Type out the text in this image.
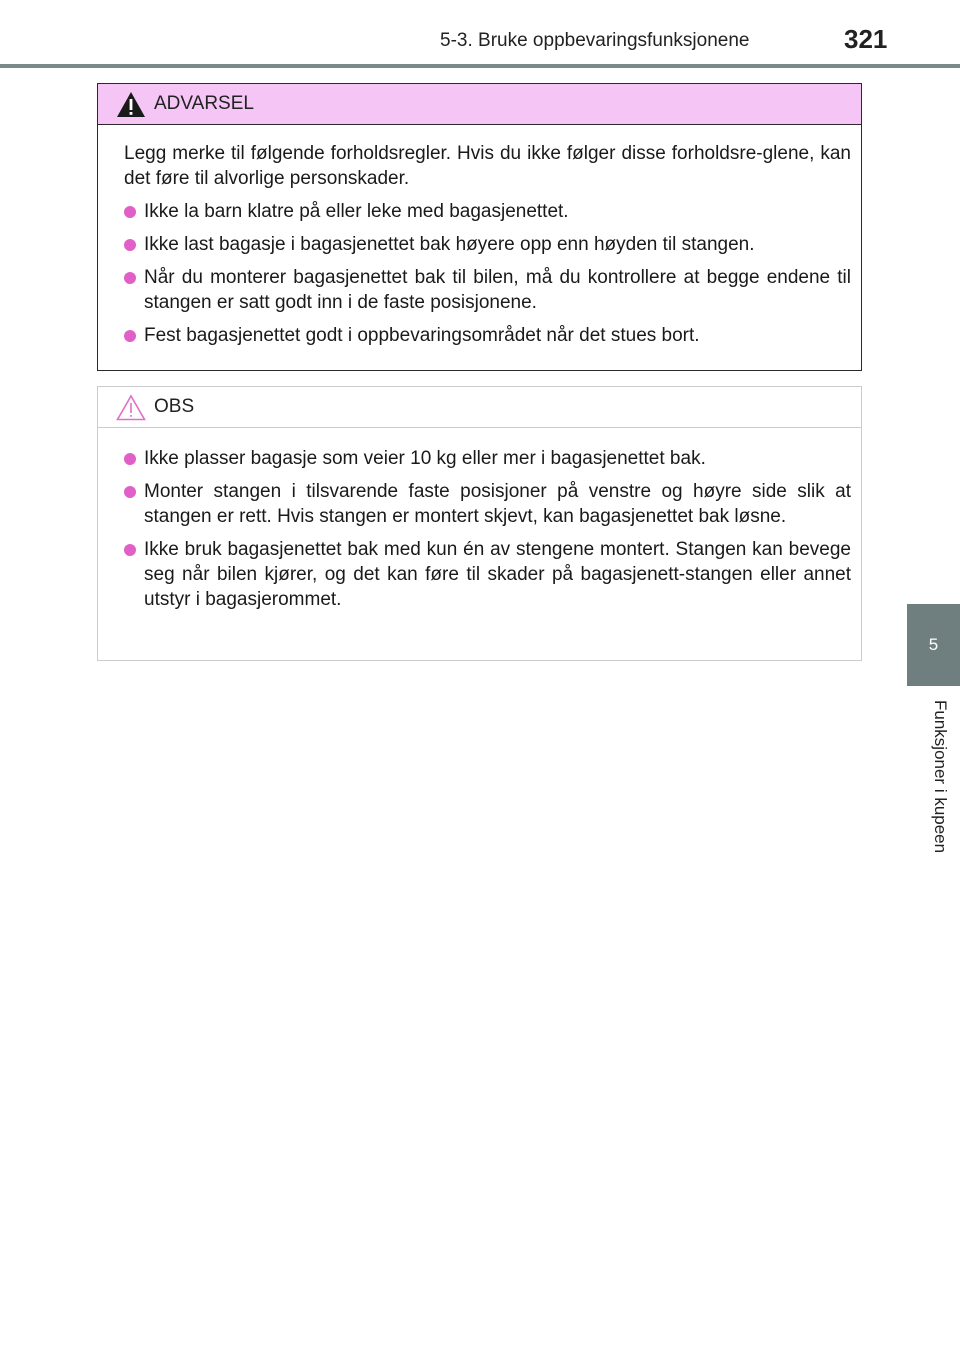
5-3. Bruke oppbevaringsfunksjonene	321
5
Funksjoner i kupeen
ADVARSEL

Legg merke til følgende forholdsregler. Hvis du ikke følger disse forholdsre-glene, kan det føre til alvorlige personskader.

Ikke la barn klatre på eller leke med bagasjenettet.
Ikke last bagasje i bagasjenettet bak høyere opp enn høyden til stangen.
Når du monterer bagasjenettet bak til bilen, må du kontrollere at begge endene til stangen er satt godt inn i de faste posisjonene.
Fest bagasjenettet godt i oppbevaringsområdet når det stues bort.
OBS
Ikke plasser bagasje som veier 10 kg eller mer i bagasjenettet bak.
Monter stangen i tilsvarende faste posisjoner på venstre og høyre side slik at stangen er rett. Hvis stangen er montert skjevt, kan bagasjenettet bak løsne.
Ikke bruk bagasjenettet bak med kun én av stengene montert. Stangen kan bevege seg når bilen kjører, og det kan føre til skader på bagasjenett-stangen eller annet utstyr i bagasjerommet.
